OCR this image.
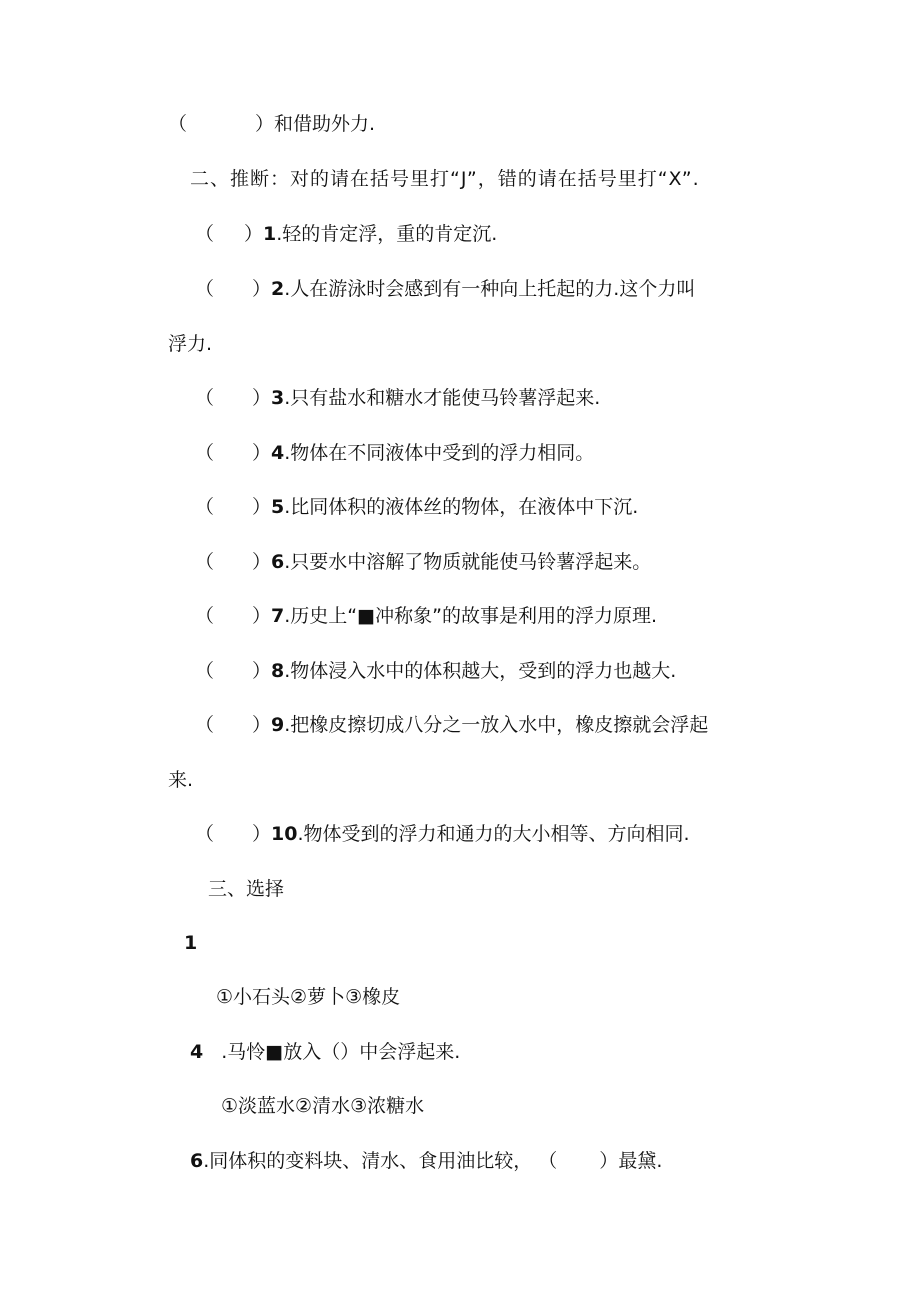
（	）和借助外力.
二、推断：对的请在括号里打“J”，错的请在括号里打“X”.
（ ）1.轻的肯定浮，重的肯定沉.
（ ）2.人在游泳时会感到有一种向上托起的力.这个力叫
浮力.
（ ）3.只有盐水和糖水才能使马铃薯浮起来.
（ ）4.物体在不同液体中受到的浮力相同。
（ ）5.比同体积的液体丝的物体，在液体中下沉.
（ ）6.只要水中溶解了物质就能使马铃薯浮起来。
（ ）7.历史上“■冲称象”的故事是利用的浮力原理.
（ ）8.物体浸入水中的体积越大，受到的浮力也越大.
（ ）9.把橡皮擦切成八分之一放入水中，橡皮擦就会浮起
来.
（ ）10.物体受到的浮力和通力的大小相等、方向相同.
三、选择
1
①小石头②萝卜③橡皮
4 .马怜■放入（）中会浮起来.
①淡蓝水②清水③浓糖水
6.同体积的变料块、清水、食用油比较， （ ）最黛.
